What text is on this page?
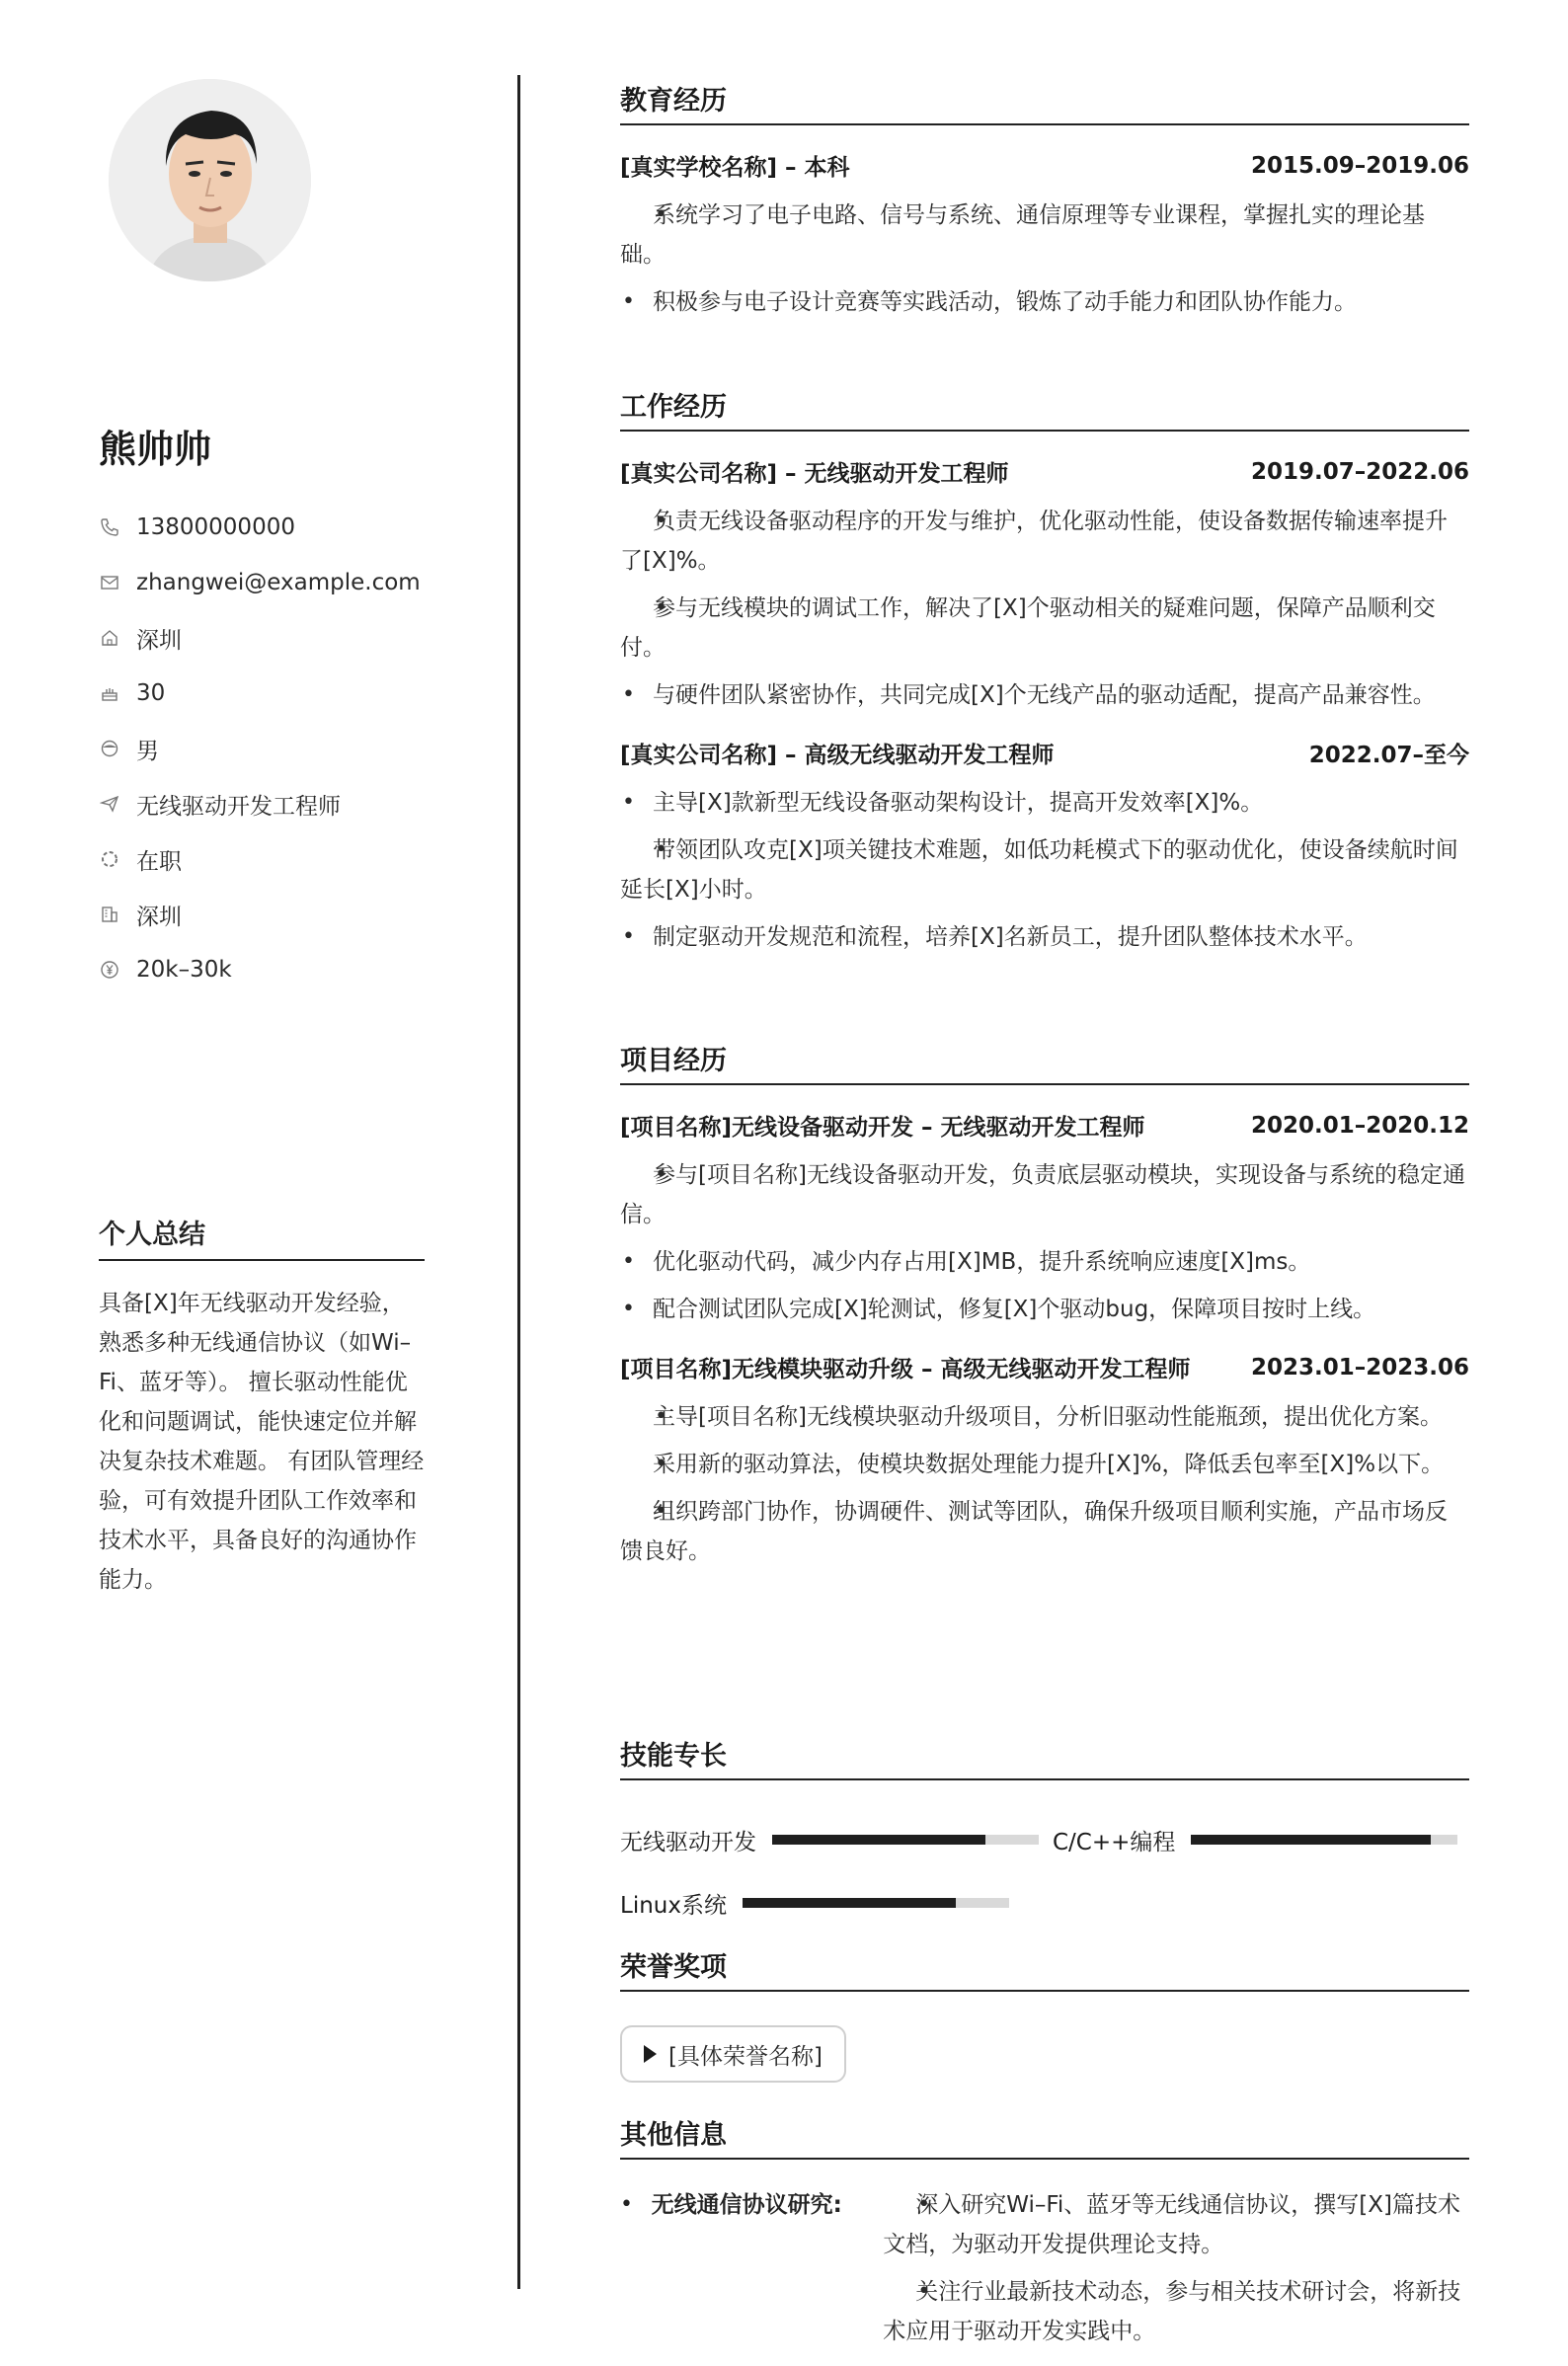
熊帅帅
13800000000
zhangwei@example.com
深圳
30
男
无线驱动开发工程师
在职
深圳
20k–30k
个人总结
具备[X]年无线驱动开发经验，熟悉多种无线通信协议（如Wi–Fi、蓝牙等）。 擅长驱动性能优化和问题调试，能快速定位并解决复杂技术难题。 有团队管理经验，可有效提升团队工作效率和技术水平，具备良好的沟通协作能力。
教育经历
[真实学校名称] – 本科	2015.09–2019.06
• 系统学习了电子电路、信号与系统、通信原理等专业课程，掌握扎实的理论基础。
• 积极参与电子设计竞赛等实践活动，锻炼了动手能力和团队协作能力。
工作经历
[真实公司名称] – 无线驱动开发工程师	2019.07–2022.06
• 负责无线设备驱动程序的开发与维护，优化驱动性能，使设备数据传输速率提升了[X]%。
• 参与无线模块的调试工作，解决了[X]个驱动相关的疑难问题，保障产品顺利交付。
• 与硬件团队紧密协作，共同完成[X]个无线产品的驱动适配，提高产品兼容性。
[真实公司名称] – 高级无线驱动开发工程师	2022.07–至今
• 主导[X]款新型无线设备驱动架构设计，提高开发效率[X]%。
• 带领团队攻克[X]项关键技术难题，如低功耗模式下的驱动优化，使设备续航时间延长[X]小时。
• 制定驱动开发规范和流程，培养[X]名新员工，提升团队整体技术水平。
项目经历
[项目名称]无线设备驱动开发 – 无线驱动开发工程师	2020.01–2020.12
• 参与[项目名称]无线设备驱动开发，负责底层驱动模块，实现设备与系统的稳定通信。
• 优化驱动代码，减少内存占用[X]MB，提升系统响应速度[X]ms。
• 配合测试团队完成[X]轮测试，修复[X]个驱动bug，保障项目按时上线。
[项目名称]无线模块驱动升级 – 高级无线驱动开发工程师	2023.01–2023.06
• 主导[项目名称]无线模块驱动升级项目，分析旧驱动性能瓶颈，提出优化方案。
• 采用新的驱动算法，使模块数据处理能力提升[X]%，降低丢包率至[X]%以下。
• 组织跨部门协作，协调硬件、测试等团队，确保升级项目顺利实施，产品市场反馈良好。
技能专长
无线驱动开发	C/C++编程
Linux系统
荣誉奖项
[具体荣誉名称]
其他信息
• 无线通信协议研究:
•	深入研究Wi–Fi、蓝牙等无线通信协议，撰写[X]篇技术文档，为驱动开发提供理论支持。
• 关注行业最新技术动态，参与相关技术研讨会，将新技术应用于驱动开发实践中。
